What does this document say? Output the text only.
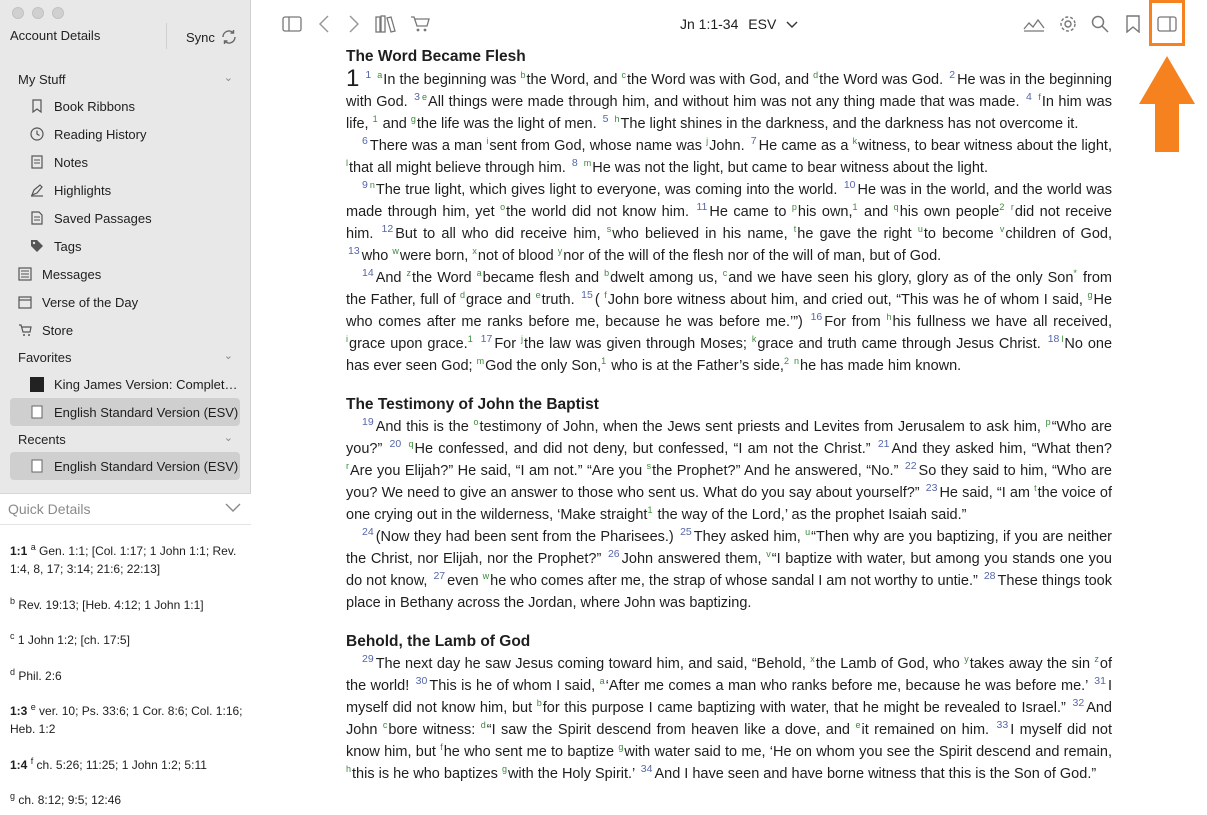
Account Details	Sync
My Stuff	⌄
Book Ribbons
Reading History
Notes
Highlights
Saved Passages
Tags
Messages
Verse of the Day
Store
Favorites	⌄
King James Version: Complet…
English Standard Version (ESV)
Recents	⌄
English Standard Version (ESV)
Quick Details
1:1 $^a$ Gen. 1:1; [Col. 1:17; 1 John 1:1; Rev. 1:4, 8, 17; 3:14; 21:6; 22:13]
$^b$ Rev. 19:13; [Heb. 4:12; 1 John 1:1]
$^c$ 1 John 1:2; [ch. 17:5]
$^d$ Phil. 2:6
1:3 $^e$ ver. 10; Ps. 33:6; 1 Cor. 8:6; Col. 1:16; Heb. 1:2
1:4 $^f$ ch. 5:26; 11:25; 1 John 1:2; 5:11
$^g$ ch. 8:12; 9:5; 12:46
Jn 1:1-34 ESV
The Word Became Flesh

1 $^1$ $^a$In the beginning was $^b$the Word, and $^c$the Word was with God, and $^d$the Word was God. $^2$ He was in the beginning with God. $^3$ $^e$All things were made through him, and without him was not any thing made that was made. $^4$ $^f$In him was life, $^1$ and $^g$the life was the light of men. $^5$ $^h$The light shines in the darkness, and the darkness has not overcome it.

$^6$ There was a man $^i$sent from God, whose name was $^j$John. $^7$ He came as a $^k$witness, to bear witness about the light, $^l$that all might believe through him. $^8$ $^m$He was not the light, but came to bear witness about the light.

$^9$ $^n$The true light, which gives light to everyone, was coming into the world. $^{10}$ He was in the world, and the world was made through him, yet $^o$the world did not know him. $^{11}$ He came to $^p$his own,$^1$ and $^q$his own people$^2$ $^r$did not receive him. $^{12}$ But to all who did receive him, $^s$who believed in his name, $^t$he gave the right $^u$to become $^v$children of God, $^{13}$ who $^w$were born, $^x$not of blood $^y$nor of the will of the flesh nor of the will of man, but of God.

$^{14}$ And $^z$the Word $^a$became flesh and $^b$dwelt among us, $^c$and we have seen his glory, glory as of the only Son* from the Father, full of $^d$grace and $^e$truth. $^{15}$ ( $^f$John bore witness about him, and cried out, “This was he of whom I said, $^g$He who comes after me ranks before me, because he was before me.’”) $^{16}$ For from $^h$his fullness we have all received, $^i$grace upon grace.$^1$ $^{17}$ For $^j$the law was given through Moses; $^k$grace and truth came through Jesus Christ. $^{18}$ $^l$No one has ever seen God; $^m$God the only Son,$^1$ who is at the Father’s side,$^2$ $^n$he has made him known.

The Testimony of John the Baptist

$^{19}$ And this is the $^o$testimony of John, when the Jews sent priests and Levites from Jerusalem to ask him, $^p$“Who are you?” $^{20}$ $^q$He confessed, and did not deny, but confessed, “I am not the Christ.” $^{21}$ And they asked him, “What then? $^r$Are you Elijah?” He said, “I am not.” “Are you $^s$the Prophet?” And he answered, “No.” $^{22}$ So they said to him, “Who are you? We need to give an answer to those who sent us. What do you say about yourself?” $^{23}$ He said, “I am $^t$the voice of one crying out in the wilderness, ‘Make straight$^1$ the way of the Lord,’ as the prophet Isaiah said.”

$^{24}$ (Now they had been sent from the Pharisees.) $^{25}$ They asked him, $^u$“Then why are you baptizing, if you are neither the Christ, nor Elijah, nor the Prophet?” $^{26}$ John answered them, $^v$“I baptize with water, but among you stands one you do not know, $^{27}$ even $^w$he who comes after me, the strap of whose sandal I am not worthy to untie.” $^{28}$ These things took place in Bethany across the Jordan, where John was baptizing.

Behold, the Lamb of God

$^{29}$ The next day he saw Jesus coming toward him, and said, “Behold, $^x$the Lamb of God, who $^y$takes away the sin $^z$of the world! $^{30}$ This is he of whom I said, $^a$‘After me comes a man who ranks before me, because he was before me.’ $^{31}$ I myself did not know him, but $^b$for this purpose I came baptizing with water, that he might be revealed to Israel.” $^{32}$ And John $^c$bore witness: $^d$“I saw the Spirit descend from heaven like a dove, and $^e$it remained on him. $^{33}$ I myself did not know him, but $^f$he who sent me to baptize $^g$with water said to me, ‘He on whom you see the Spirit descend and remain, $^h$this is he who baptizes $^g$with the Holy Spirit.’ $^{34}$ And I have seen and have borne witness that this is the Son of God.”
